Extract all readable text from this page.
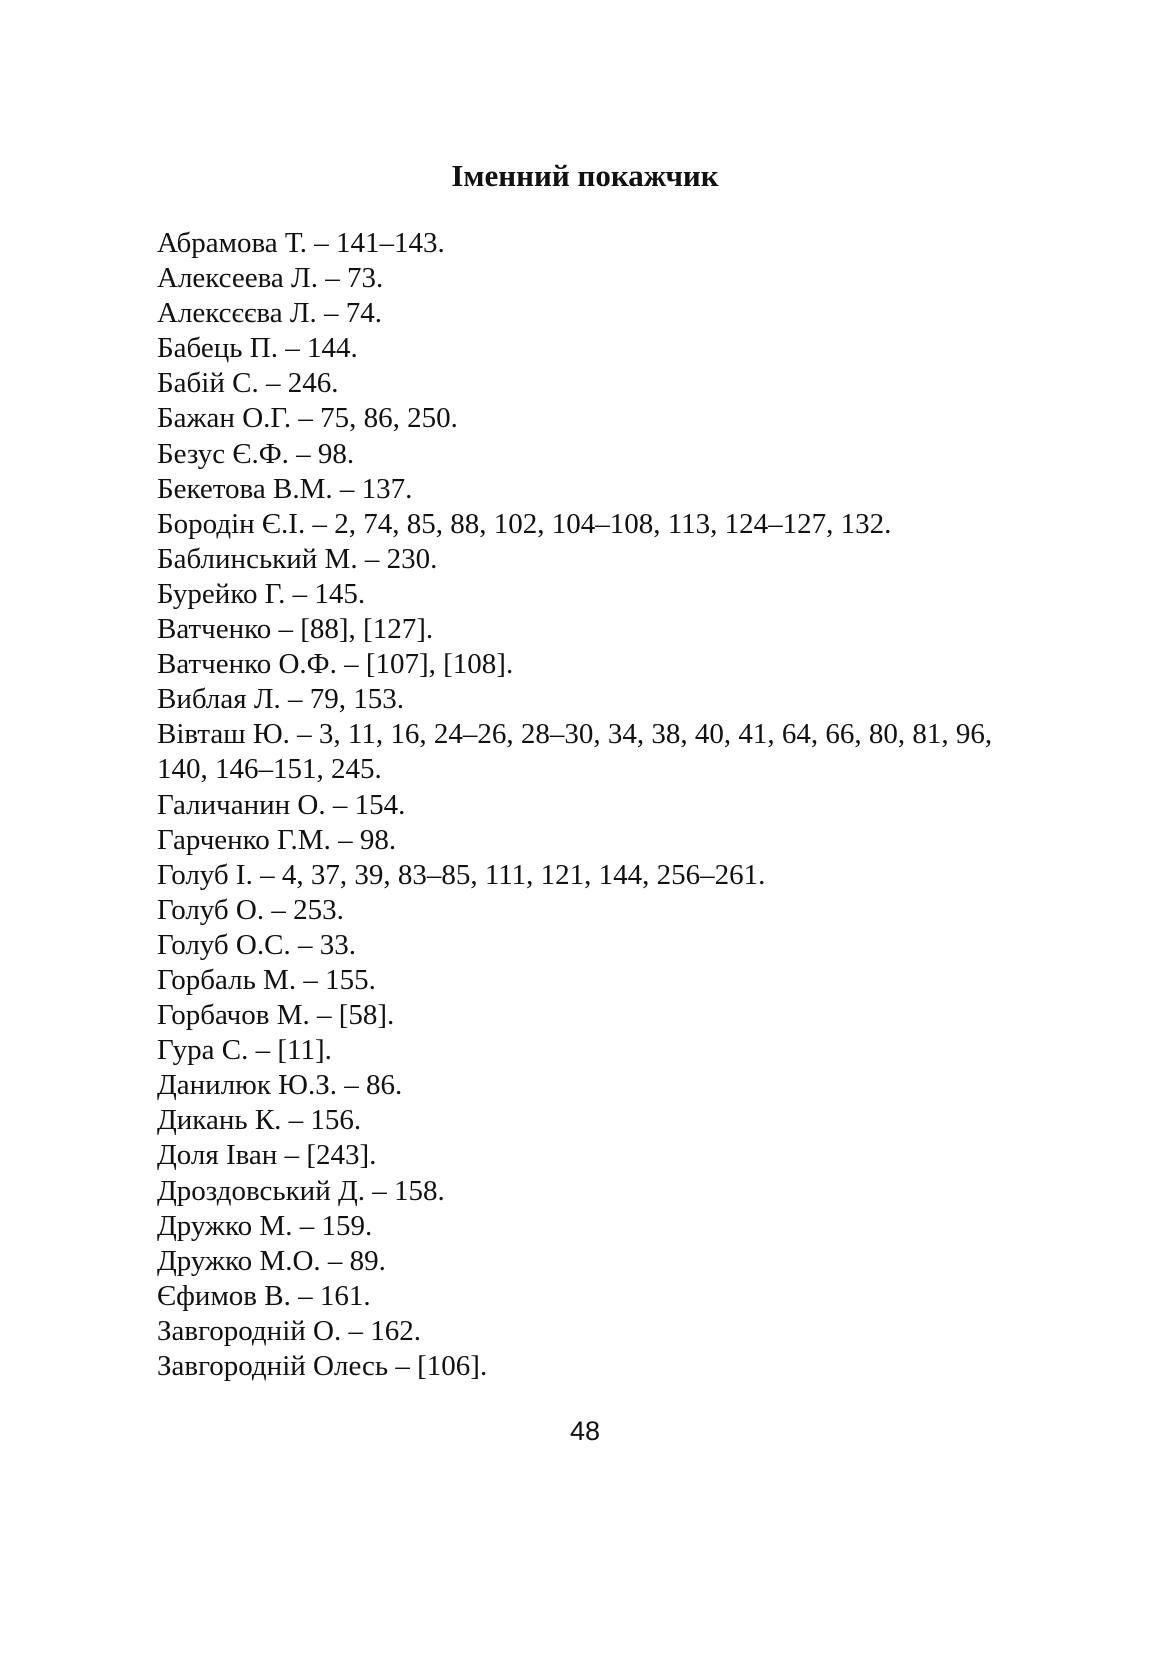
Іменний покажчик
Абрамова Т. – 141–143.
Алексеева Л. – 73.
Алексєєва Л. – 74.
Бабець П. – 144.
Бабій С. – 246.
Бажан О.Г. – 75, 86, 250.
Безус Є.Ф. – 98.
Бекетова В.М. – 137.
Бородін Є.І. – 2, 74, 85, 88, 102, 104–108, 113, 124–127, 132.
Баблинський М. – 230.
Бурейко Г. – 145.
Ватченко – [88], [127].
Ватченко О.Ф. – [107], [108].
Виблая Л. – 79, 153.
Вівташ Ю. – 3, 11, 16, 24–26, 28–30, 34, 38, 40, 41, 64, 66, 80, 81, 96, 140, 146–151, 245.
Галичанин О. – 154.
Гарченко Г.М. – 98.
Голуб І. – 4, 37, 39, 83–85, 111, 121, 144, 256–261.
Голуб О. – 253.
Голуб О.С. – 33.
Горбаль М. – 155.
Горбачов М. – [58].
Гура С. – [11].
Данилюк Ю.З. – 86.
Дикань К. – 156.
Доля Іван – [243].
Дроздовський Д. – 158.
Дружко М. – 159.
Дружко М.О. – 89.
Єфимов В. – 161.
Завгородній О. – 162.
Завгородній Олесь – [106].
48
